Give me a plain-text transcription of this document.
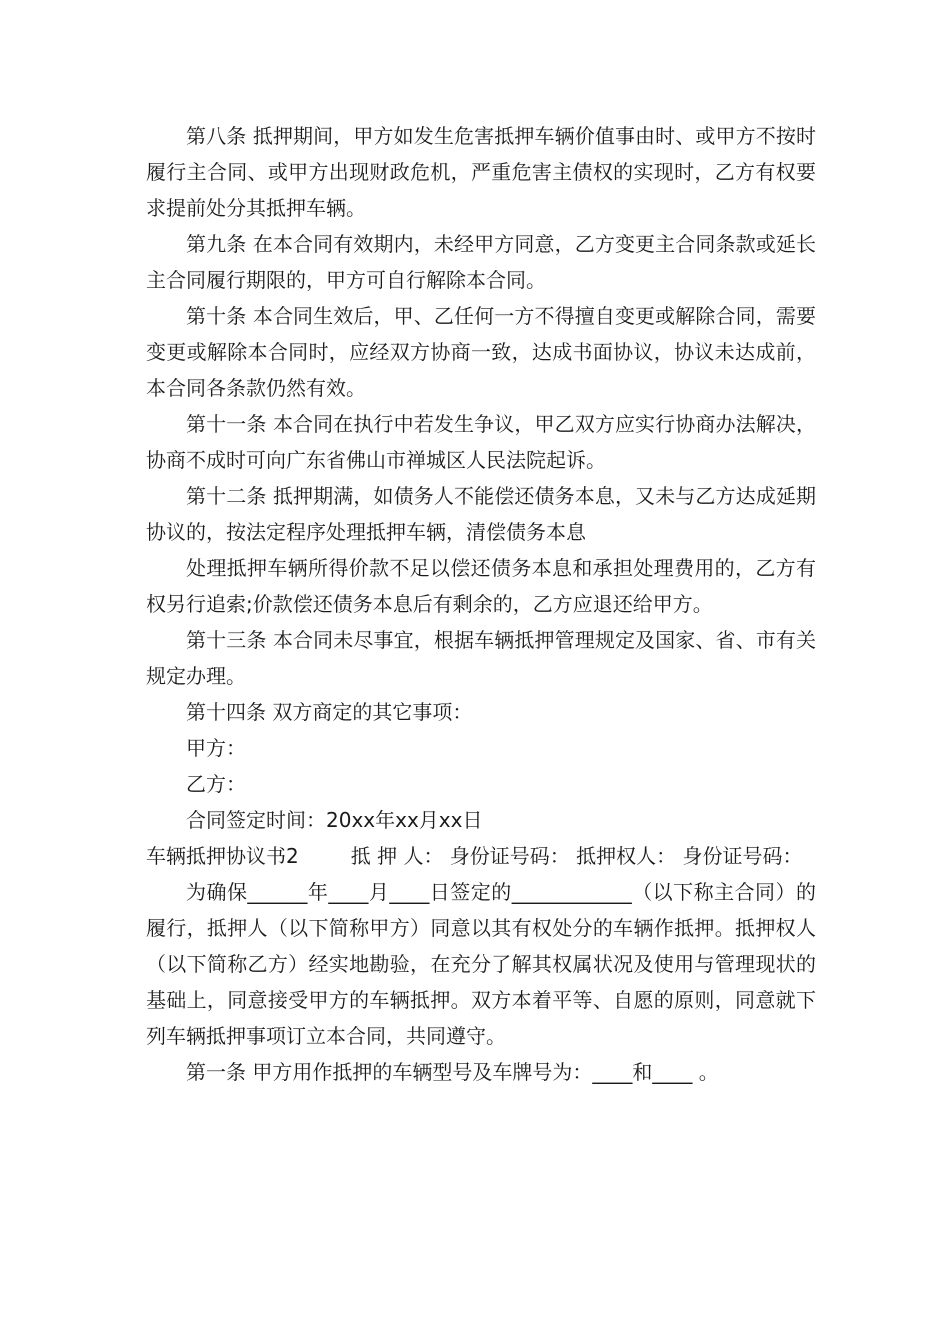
第八条 抵押期间，甲方如发生危害抵押车辆价值事由时、或甲方不按时履行主合同、或甲方出现财政危机，严重危害主债权的实现时，乙方有权要求提前处分其抵押车辆。

第九条 在本合同有效期内，未经甲方同意，乙方变更主合同条款或延长主合同履行期限的，甲方可自行解除本合同。

第十条 本合同生效后，甲、乙任何一方不得擅自变更或解除合同，需要变更或解除本合同时，应经双方协商一致，达成书面协议，协议未达成前，本合同各条款仍然有效。

第十一条 本合同在执行中若发生争议，甲乙双方应实行协商办法解决，协商不成时可向广东省佛山市禅城区人民法院起诉。

第十二条 抵押期满，如债务人不能偿还债务本息，又未与乙方达成延期协议的，按法定程序处理抵押车辆，清偿债务本息

处理抵押车辆所得价款不足以偿还债务本息和承担处理费用的，乙方有权另行追索;价款偿还债务本息后有剩余的，乙方应退还给甲方。

第十三条 本合同未尽事宜，根据车辆抵押管理规定及国家、省、市有关规定办理。

第十四条 双方商定的其它事项：

甲方：

乙方：

合同签定时间：20xx年xx月xx日

车辆抵押协议书2	抵 押 人： 身份证号码： 抵押权人： 身份证号码：

为确保______年____月____日签定的____________（以下称主合同）的履行，抵押人（以下简称甲方）同意以其有权处分的车辆作抵押。抵押权人（以下简称乙方）经实地勘验，在充分了解其权属状况及使用与管理现状的基础上，同意接受甲方的车辆抵押。双方本着平等、自愿的原则，同意就下列车辆抵押事项订立本合同，共同遵守。

第一条 甲方用作抵押的车辆型号及车牌号为：____和____ 。
